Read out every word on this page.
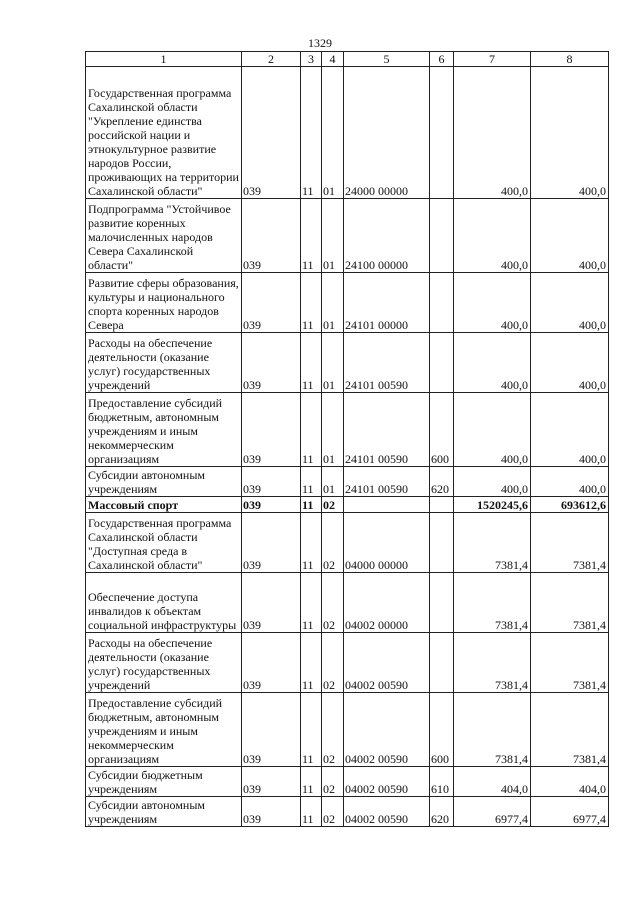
1329
1	2	3	4	5	6	7	8
Государственная программа Сахалинской области "Укрепление единства российской нации и этнокультурное развитие народов России, проживающих на территории Сахалинской области"	039	11	01	24000 00000		400,0	400,0
Подпрограмма "Устойчивое развитие коренных малочисленных народов Севера Сахалинской области"	039	11	01	24100 00000		400,0	400,0
Развитие сферы образования, культуры и национального спорта коренных народов Севера	039	11	01	24101 00000		400,0	400,0
Расходы на обеспечение деятельности (оказание услуг) государственных учреждений	039	11	01	24101 00590		400,0	400,0
Предоставление субсидий бюджетным, автономным учреждениям и иным некоммерческим организациям	039	11	01	24101 00590	600	400,0	400,0
Субсидии автономным учреждениям	039	11	01	24101 00590	620	400,0	400,0
Массовый спорт	039	11	02			1520245,6	693612,6
Государственная программа Сахалинской области "Доступная среда в Сахалинской области"	039	11	02	04000 00000		7381,4	7381,4
Обеспечение доступа инвалидов к объектам социальной инфраструктуры	039	11	02	04002 00000		7381,4	7381,4
Расходы на обеспечение деятельности (оказание услуг) государственных учреждений	039	11	02	04002 00590		7381,4	7381,4
Предоставление субсидий бюджетным, автономным учреждениям и иным некоммерческим организациям	039	11	02	04002 00590	600	7381,4	7381,4
Субсидии бюджетным учреждениям	039	11	02	04002 00590	610	404,0	404,0
Субсидии автономным учреждениям	039	11	02	04002 00590	620	6977,4	6977,4
